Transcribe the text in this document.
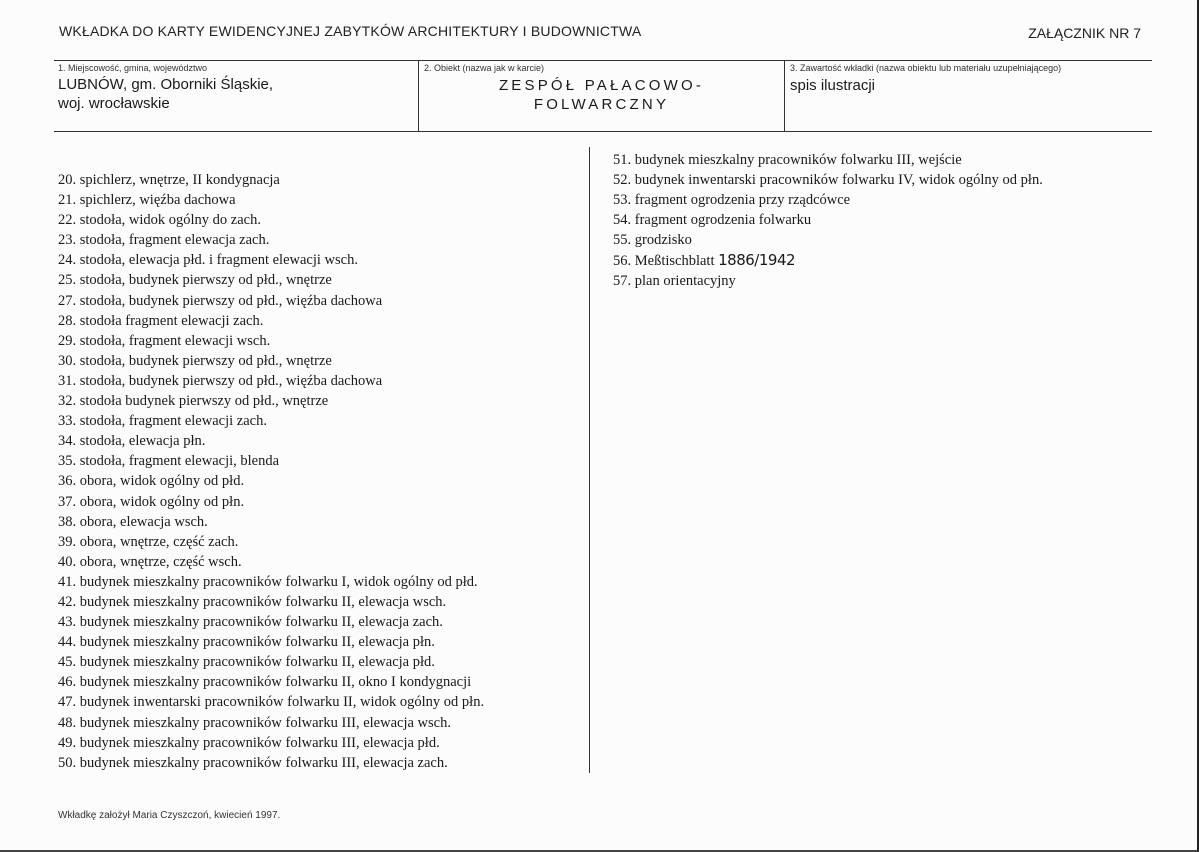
WKŁADKA DO KARTY EWIDENCYJNEJ ZABYTKÓW ARCHITEKTURY I BUDOWNICTWA	ZAŁĄCZNIK NR 7
1. Miejscowość, gmina, województwo
LUBNÓW, gm. Oborniki Śląskie,
woj. wrocławskie
2. Obiekt (nazwa jak w karcie)
ZESPÓŁ PAŁACOWO-
FOLWARCZNY
3. Zawartość wkładki (nazwa obiektu lub materiału uzupełniającego)
spis ilustracji
20. spichlerz, wnętrze, II kondygnacja
21. spichlerz, więźba dachowa
22. stodoła, widok ogólny do zach.
23. stodoła, fragment elewacja zach.
24. stodoła, elewacja płd. i fragment elewacji wsch.
25. stodoła, budynek pierwszy od płd., wnętrze
27. stodoła, budynek pierwszy od płd., więźba dachowa
28. stodoła fragment elewacji zach.
29. stodoła, fragment elewacji wsch.
30. stodoła, budynek pierwszy od płd., wnętrze
31. stodoła, budynek pierwszy od płd., więźba dachowa
32. stodoła budynek pierwszy od płd., wnętrze
33. stodoła, fragment elewacji zach.
34. stodoła, elewacja płn.
35. stodoła, fragment elewacji, blenda
36. obora, widok ogólny od płd.
37. obora, widok ogólny od płn.
38. obora, elewacja wsch.
39. obora, wnętrze, część zach.
40. obora, wnętrze, część wsch.
41. budynek mieszkalny pracowników folwarku I, widok ogólny od płd.
42. budynek mieszkalny pracowników folwarku II, elewacja wsch.
43. budynek mieszkalny pracowników folwarku II, elewacja zach.
44. budynek mieszkalny pracowników folwarku II, elewacja płn.
45. budynek mieszkalny pracowników folwarku II, elewacja płd.
46. budynek mieszkalny pracowników folwarku II, okno I kondygnacji
47. budynek inwentarski pracowników folwarku II, widok ogólny od płn.
48. budynek mieszkalny pracowników folwarku III, elewacja wsch.
49. budynek mieszkalny pracowników folwarku III, elewacja płd.
50. budynek mieszkalny pracowników folwarku III, elewacja zach.
51. budynek mieszkalny pracowników folwarku III, wejście
52. budynek inwentarski pracowników folwarku IV, widok ogólny od płn.
53. fragment ogrodzenia przy rządcówce
54. fragment ogrodzenia folwarku
55. grodzisko
56. Meßtischblatt 1886/1942
57. plan orientacyjny
Wkładkę założył Maria Czyszczoń, kwiecień 1997.
